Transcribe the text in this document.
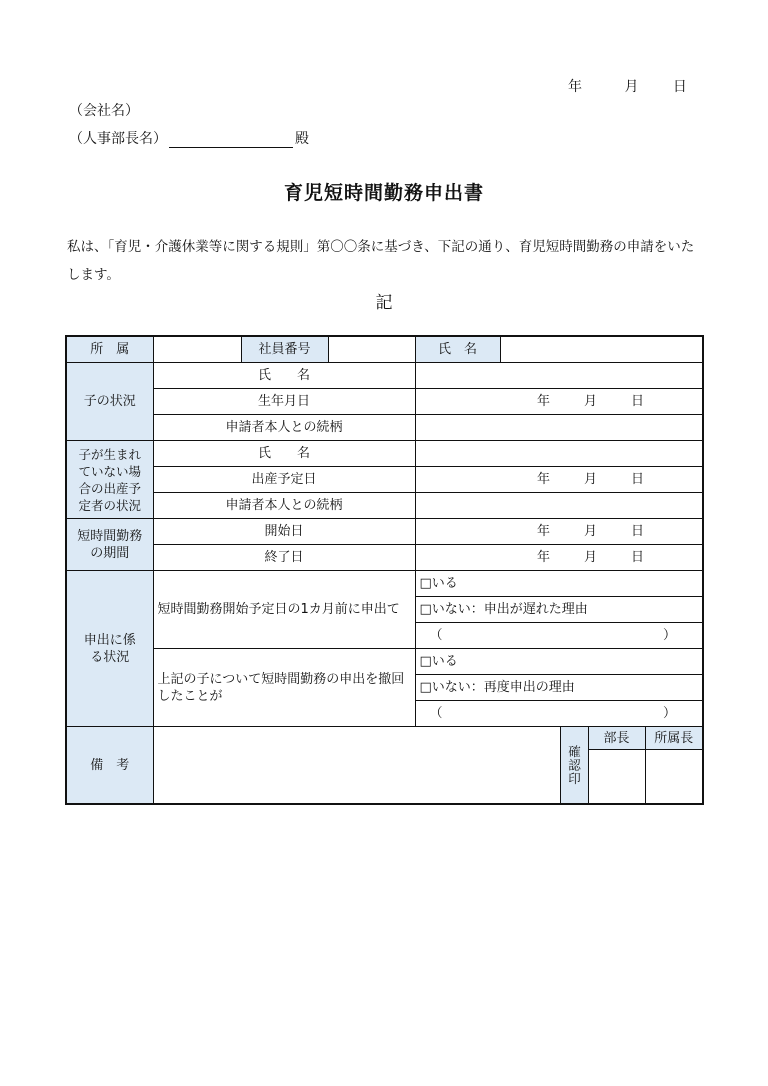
年	月 日
（会社名）
（人事部長名）	殿
育児短時間勤務申出書
私は、「育児・介護休業等に関する規則」第〇〇条に基づき、下記の通り、育児短時間勤務の申請をいたします。
記
所　属		社員番号		氏　名				
子の状況	氏　　名							
	生年月日			年 月 日				

	申請者本人との続柄							
子が生まれていない場合の出産予定者の状況	氏　　名							
	出産予定日			年 月 日				

	申請者本人との続柄							
短時間勤務の期間	開始日			年 月 日				

	終了日			年 月 日				

申出に係る状況	短時間勤務開始予定日の1カ月前に申出て			□いる				
				□いない：申出が遅れた理由				

				（ ）				

	上記の子について短時間勤務の申出を撤回したことが			□いる				
				□いない：再度申出の理由				

				（ ）				

備　考						確認印	部長	所属長
